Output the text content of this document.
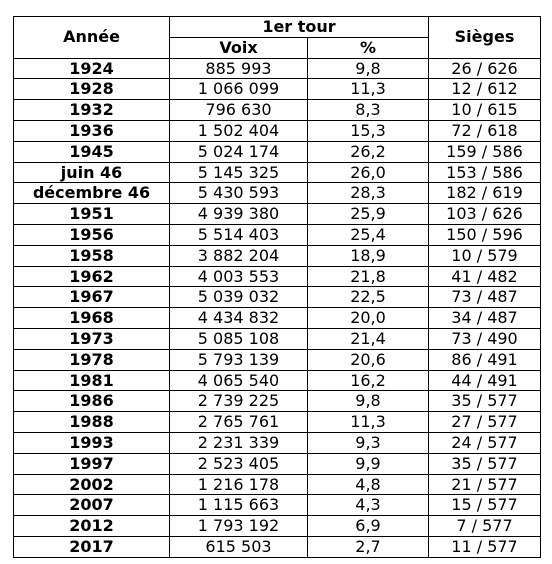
Année	1er tour		Sièges
	Voix	%	
1924	885 993	9,8	26 / 626
1928	1 066 099	11,3	12 / 612
1932	796 630	8,3	10 / 615
1936	1 502 404	15,3	72 / 618
1945	5 024 174	26,2	159 / 586
juin 46	5 145 325	26,0	153 / 586
décembre 46	5 430 593	28,3	182 / 619
1951	4 939 380	25,9	103 / 626
1956	5 514 403	25,4	150 / 596
1958	3 882 204	18,9	10 / 579
1962	4 003 553	21,8	41 / 482
1967	5 039 032	22,5	73 / 487
1968	4 434 832	20,0	34 / 487
1973	5 085 108	21,4	73 / 490
1978	5 793 139	20,6	86 / 491
1981	4 065 540	16,2	44 / 491
1986	2 739 225	9,8	35 / 577
1988	2 765 761	11,3	27 / 577
1993	2 231 339	9,3	24 / 577
1997	2 523 405	9,9	35 / 577
2002	1 216 178	4,8	21 / 577
2007	1 115 663	4,3	15 / 577
2012	1 793 192	6,9	7 / 577
2017	615 503	2,7	11 / 577
